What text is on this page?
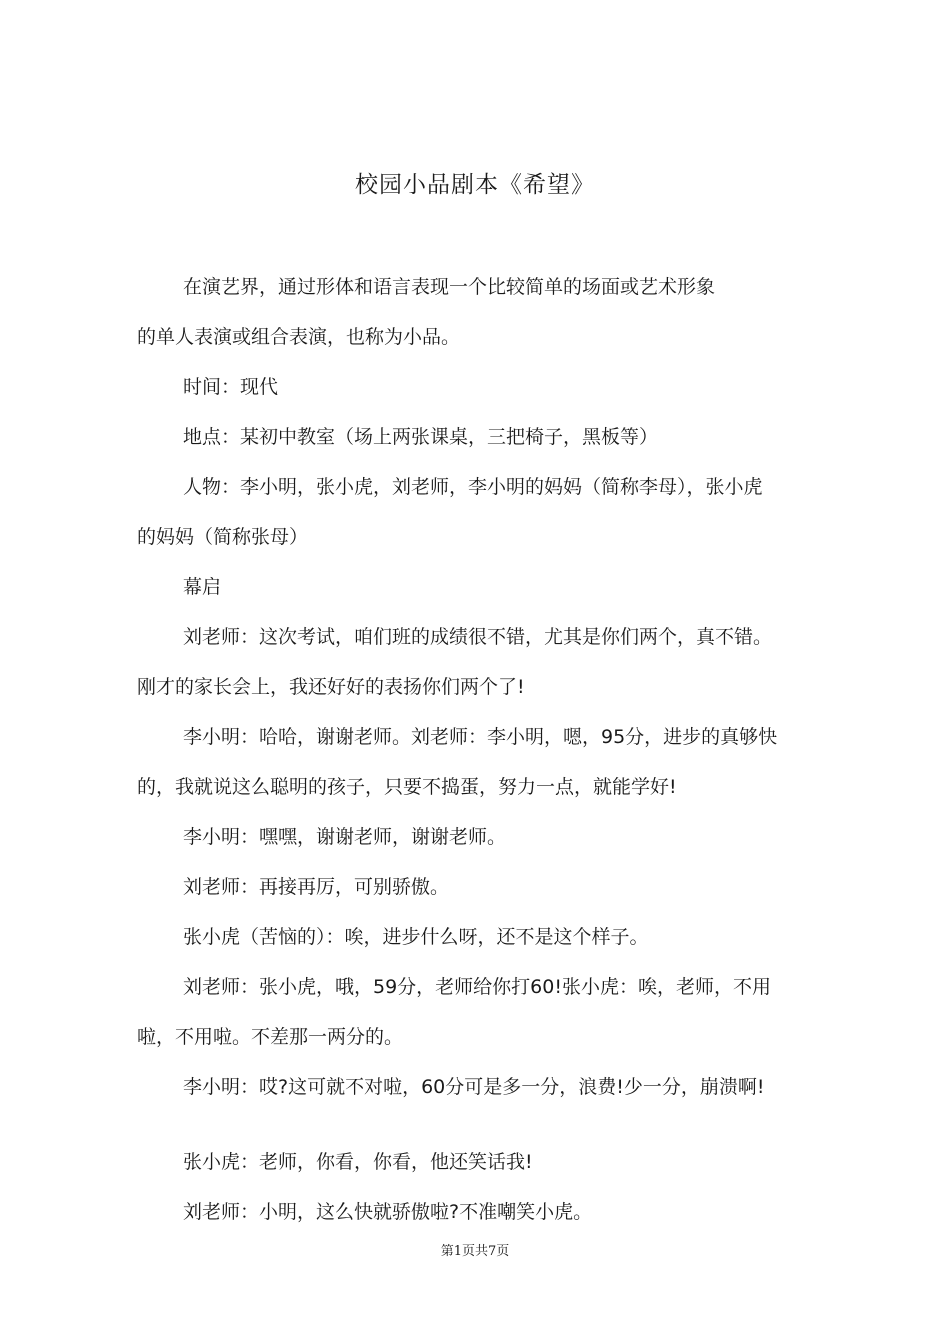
校园小品剧本《希望》

在演艺界，通过形体和语言表现一个比较简单的场面或艺术形象
的单人表演或组合表演，也称为小品。

时间：现代

地点：某初中教室（场上两张课桌，三把椅子，黑板等）

人物：李小明，张小虎，刘老师，李小明的妈妈（简称李母），张小虎
的妈妈（简称张母）

幕启

刘老师：这次考试，咱们班的成绩很不错，尤其是你们两个，真不错。
刚才的家长会上，我还好好的表扬你们两个了!

李小明：哈哈，谢谢老师。刘老师：李小明，嗯，95分，进步的真够快
的，我就说这么聪明的孩子，只要不捣蛋，努力一点，就能学好!

李小明：嘿嘿，谢谢老师，谢谢老师。

刘老师：再接再厉，可别骄傲。

张小虎（苦恼的）：唉，进步什么呀，还不是这个样子。

刘老师：张小虎，哦，59分，老师给你打60!张小虎：唉，老师，不用
啦，不用啦。不差那一两分的。

李小明：哎?这可就不对啦，60分可是多一分，浪费!少一分，崩溃啊!

张小虎：老师，你看，你看，他还笑话我!

刘老师：小明，这么快就骄傲啦?不准嘲笑小虎。

第1页共7页
